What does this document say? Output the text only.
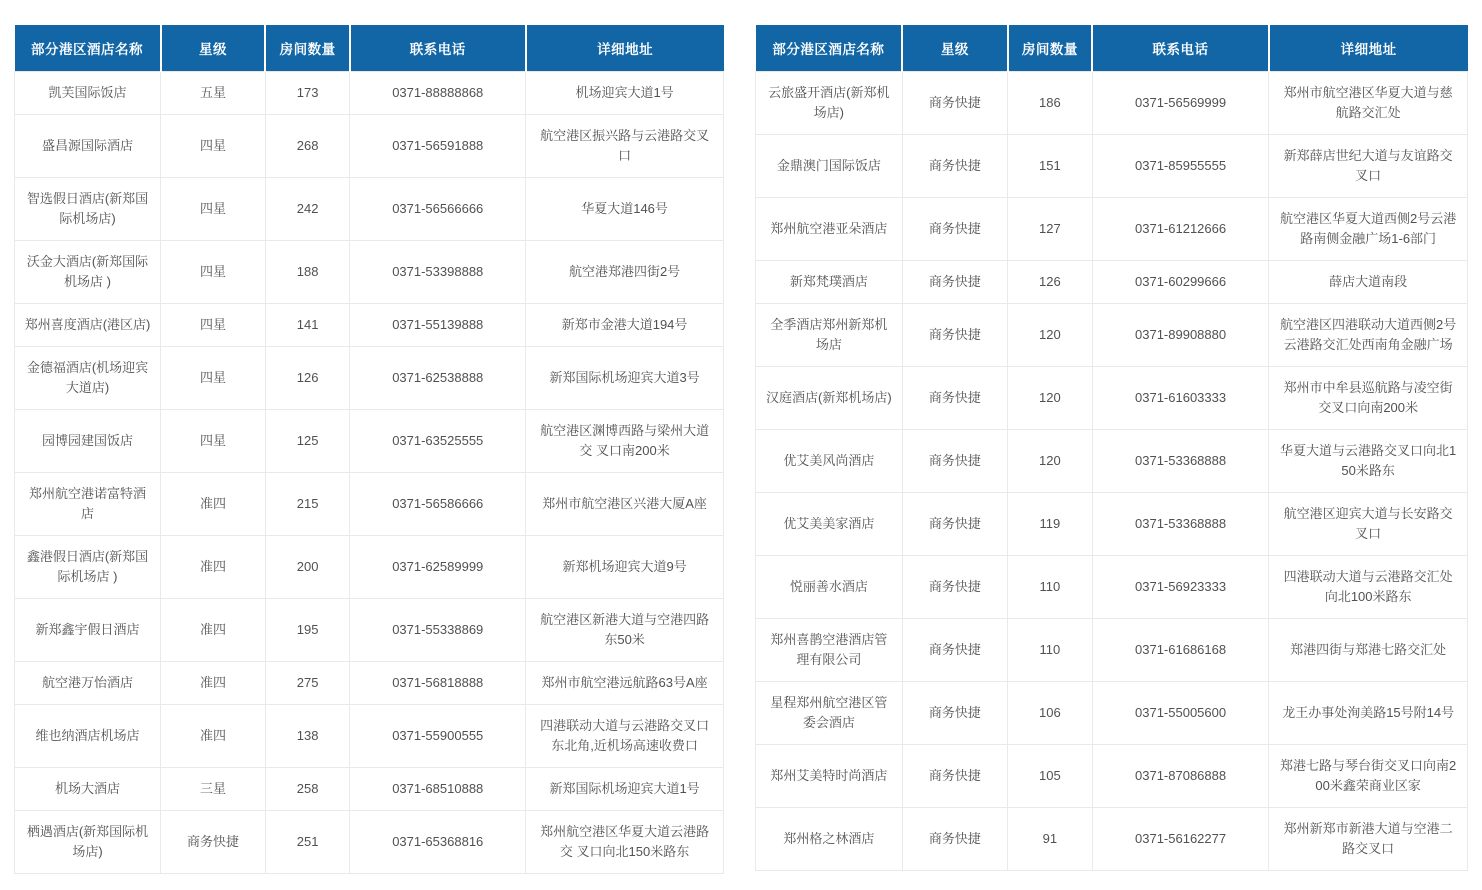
部分港区酒店名称	星级	房间数量	联系电话	详细地址
凯芙国际饭店	五星	173	0371-88888868	机场迎宾大道1号
盛昌源国际酒店	四星	268	0371-56591888	航空港区振兴路与云港路交叉口
智选假日酒店(新郑国际机场店)	四星	242	0371-56566666	华夏大道146号
沃金大酒店(新郑国际机场店 )	四星	188	0371-53398888	航空港郑港四街2号
郑州喜度酒店(港区店)	四星	141	0371-55139888	新郑市金港大道194号
金德福酒店(机场迎宾大道店)	四星	126	0371-62538888	新郑国际机场迎宾大道3号
园博园建国饭店	四星	125	0371-63525555	航空港区渊博西路与梁州大道交 叉口南200米
郑州航空港诺富特酒店	准四	215	0371-56586666	郑州市航空港区兴港大厦A座
鑫港假日酒店(新郑国际机场店 )	准四	200	0371-62589999	新郑机场迎宾大道9号
新郑鑫宇假日酒店	准四	195	0371-55338869	航空港区新港大道与空港四路东50米
航空港万怡酒店	准四	275	0371-56818888	郑州市航空港远航路63号A座
维也纳酒店机场店	准四	138	0371-55900555	四港联动大道与云港路交叉口东北角,近机场高速收费口
机场大酒店	三星	258	0371-68510888	新郑国际机场迎宾大道1号
栖遇酒店(新郑国际机场店)	商务快捷	251	0371-65368816	郑州航空港区华夏大道云港路交 叉口向北150米路东
部分港区酒店名称	星级	房间数量	联系电话	详细地址
云旅盛开酒店(新郑机场店)	商务快捷	186	0371-56569999	郑州市航空港区华夏大道与慈航路交汇处
金鼎澳门国际饭店	商务快捷	151	0371-85955555	新郑薛店世纪大道与友谊路交叉口
郑州航空港亚朵酒店	商务快捷	127	0371-61212666	航空港区华夏大道西侧2号云港路南侧金融广场1-6部门
新郑梵璞酒店	商务快捷	126	0371-60299666	薛店大道南段
全季酒店郑州新郑机场店	商务快捷	120	0371-89908880	航空港区四港联动大道西侧2号云港路交汇处西南角金融广场
汉庭酒店(新郑机场店)	商务快捷	120	0371-61603333	郑州市中牟县巡航路与凌空街交叉口向南200米
优艾美风尚酒店	商务快捷	120	0371-53368888	华夏大道与云港路交叉口向北150米路东
优艾美美家酒店	商务快捷	119	0371-53368888	航空港区迎宾大道与长安路交叉口
悦丽善水酒店	商务快捷	110	0371-56923333	四港联动大道与云港路交汇处向北100米路东
郑州喜鹊空港酒店管理有限公司	商务快捷	110	0371-61686168	郑港四街与郑港七路交汇处
星程郑州航空港区管委会酒店	商务快捷	106	0371-55005600	龙王办事处洵美路15号附14号
郑州艾美特时尚酒店	商务快捷	105	0371-87086888	郑港七路与琴台街交叉口向南200米鑫荣商业区家
郑州格之林酒店	商务快捷	91	0371-56162277	郑州新郑市新港大道与空港二路交叉口
